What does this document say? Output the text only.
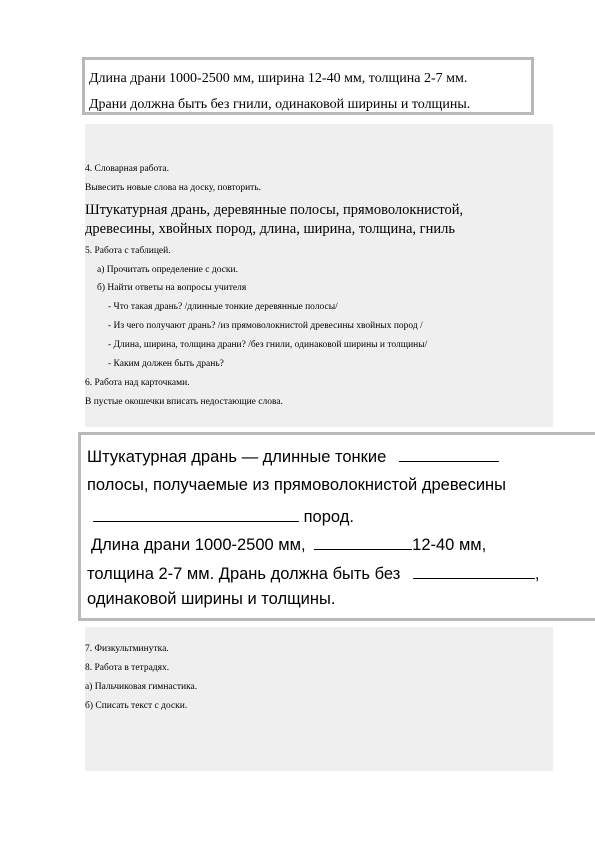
Длина драни 1000-2500 мм, ширина 12-40 мм, толщина 2-7 мм.
Драни должна быть без гнили, одинаковой ширины и толщины.
4. Словарная работа.
Вывесить новые слова на доску, повторить.
Штукатурная дрань, деревянные полосы, прямоволокнистой,
древесины, хвойных пород, длина, ширина, толщина, гниль
5. Работа с таблицей.
а) Прочитать определение с доски.
б) Найти ответы на вопросы учителя
- Что такая дрань? /длинные тонкие деревянные полосы/
- Из чего получают дрань? /из прямоволокнистой древесины хвойных пород /
- Длина, ширина, толщина драни? /без гнили, одинаковой ширины и толщины/
- Каким должен быть дрань?
6. Работа над карточками.
В пустые окошечки вписать недостающие слова.
Штукатурная дрань — длинные тонкие
полосы, получаемые из прямоволокнистой древесины
пород.
Длина драни 1000-2500 мм,	12-40 мм,
толщина 2-7 мм. Дрань должна быть без	,
одинаковой ширины и толщины.
7. Физкультминутка.
8. Работа в тетрадях.
а) Пальчиковая гимнастика.
б) Списать текст с доски.
